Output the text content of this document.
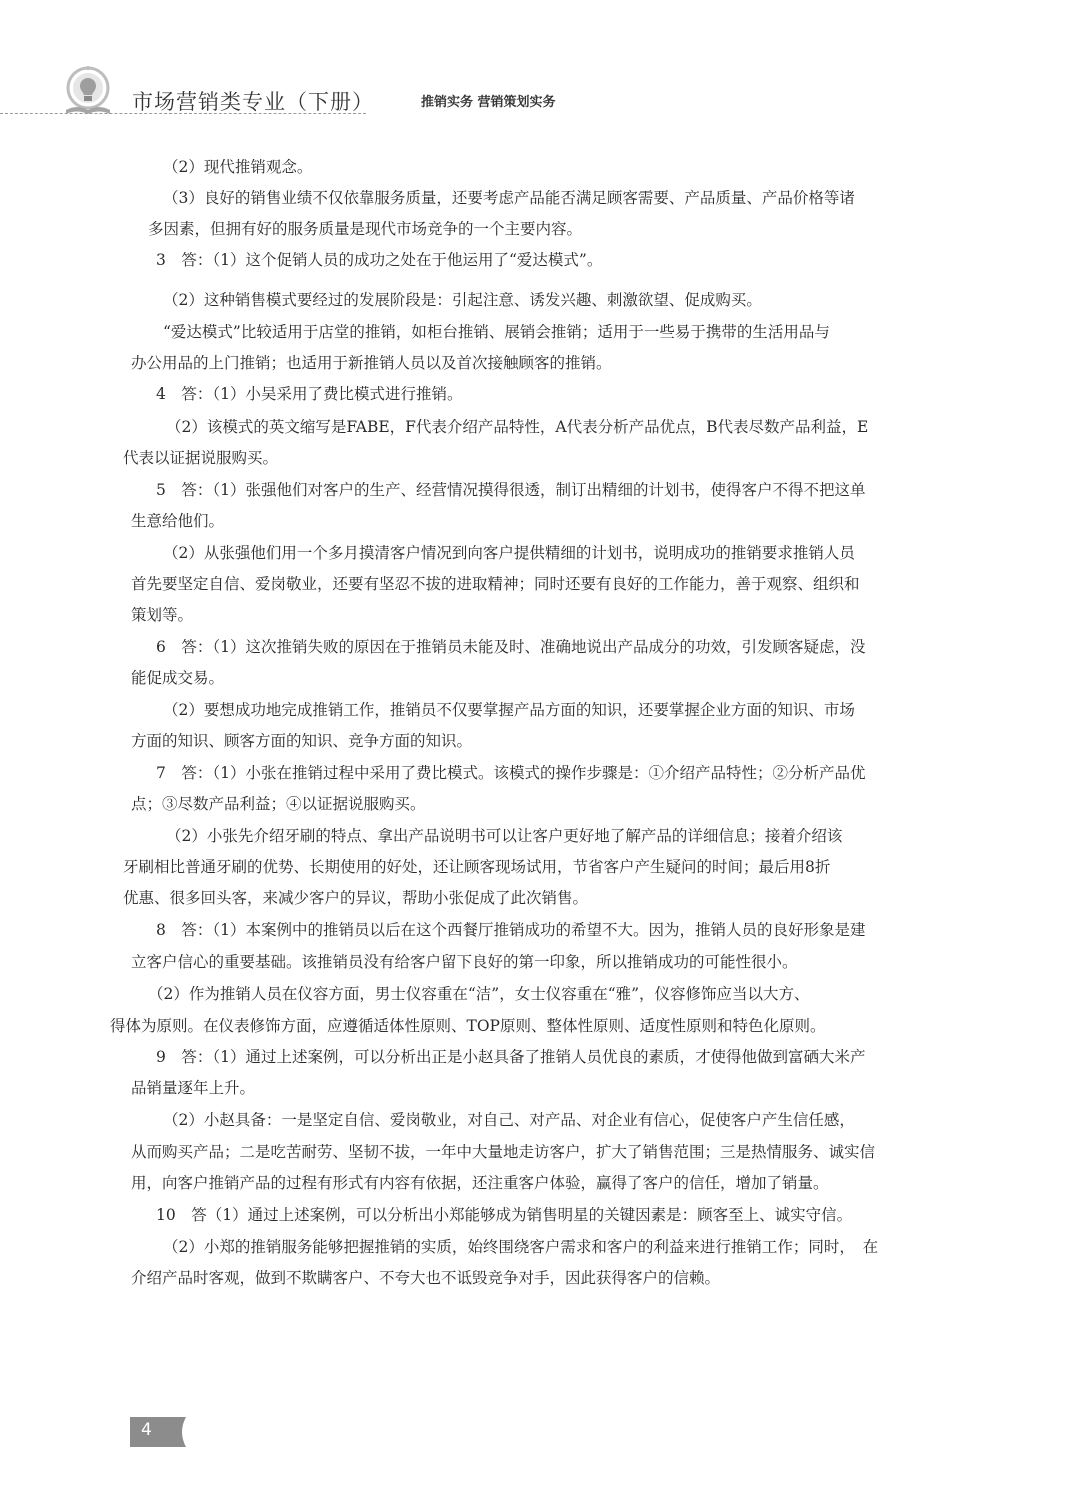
市场营销类专业（下册）	推销实务 营销策划实务
（2）现代推销观念。
（3）良好的销售业绩不仅依靠服务质量，还要考虑产品能否满足顾客需要、产品质量、产品价格等诸
多因素，但拥有好的服务质量是现代市场竞争的一个主要内容。
3　答：（1）这个促销人员的成功之处在于他运用了“爱达模式”。
（2）这种销售模式要经过的发展阶段是：引起注意、诱发兴趣、刺激欲望、促成购买。
“爱达模式”比较适用于店堂的推销，如柜台推销、展销会推销；适用于一些易于携带的生活用品与
办公用品的上门推销；也适用于新推销人员以及首次接触顾客的推销。
4　答：（1）小吴采用了费比模式进行推销。
（2）该模式的英文缩写是FABE，F代表介绍产品特性，A代表分析产品优点，B代表尽数产品利益，E
代表以证据说服购买。
5　答：（1）张强他们对客户的生产、经营情况摸得很透，制订出精细的计划书，使得客户不得不把这单
生意给他们。
（2）从张强他们用一个多月摸清客户情况到向客户提供精细的计划书，说明成功的推销要求推销人员
首先要坚定自信、爱岗敬业，还要有坚忍不拔的进取精神；同时还要有良好的工作能力，善于观察、组织和
策划等。
6　答：（1）这次推销失败的原因在于推销员未能及时、准确地说出产品成分的功效，引发顾客疑虑，没
能促成交易。
（2）要想成功地完成推销工作，推销员不仅要掌握产品方面的知识，还要掌握企业方面的知识、市场
方面的知识、顾客方面的知识、竞争方面的知识。
7　答：（1）小张在推销过程中采用了费比模式。该模式的操作步骤是：①介绍产品特性；②分析产品优
点；③尽数产品利益；④以证据说服购买。
（2）小张先介绍牙刷的特点、拿出产品说明书可以让客户更好地了解产品的详细信息；接着介绍该
牙刷相比普通牙刷的优势、长期使用的好处，还让顾客现场试用，节省客户产生疑问的时间；最后用8折
优惠、很多回头客，来减少客户的异议，帮助小张促成了此次销售。
8　答：（1）本案例中的推销员以后在这个西餐厅推销成功的希望不大。因为，推销人员的良好形象是建
立客户信心的重要基础。该推销员没有给客户留下良好的第一印象，所以推销成功的可能性很小。
（2）作为推销人员在仪容方面，男士仪容重在“洁”，女士仪容重在“雅”，仪容修饰应当以大方、
得体为原则。在仪表修饰方面，应遵循适体性原则、TOP原则、整体性原则、适度性原则和特色化原则。
9　答：（1）通过上述案例，可以分析出正是小赵具备了推销人员优良的素质，才使得他做到富硒大米产
品销量逐年上升。
（2）小赵具备：一是坚定自信、爱岗敬业，对自己、对产品、对企业有信心，促使客户产生信任感，
从而购买产品；二是吃苦耐劳、坚韧不拔，一年中大量地走访客户，扩大了销售范围；三是热情服务、诚实信
用，向客户推销产品的过程有形式有内容有依据，还注重客户体验，赢得了客户的信任，增加了销量。
10　答（1）通过上述案例，可以分析出小郑能够成为销售明星的关键因素是：顾客至上、诚实守信。
（2）小郑的推销服务能够把握推销的实质，始终围绕客户需求和客户的利益来进行推销工作；同时，　在
介绍产品时客观，做到不欺瞒客户、不夸大也不诋毁竞争对手，因此获得客户的信赖。
4
